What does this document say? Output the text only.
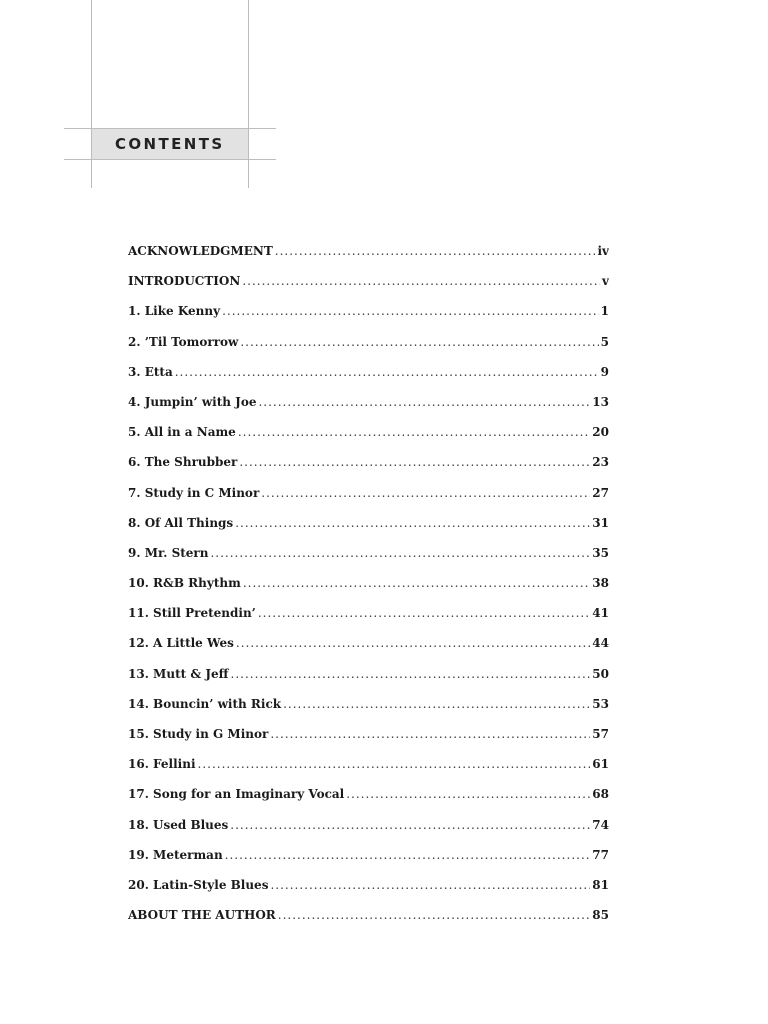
CONTENTS
ACKNOWLEDGMENT .....	iv
INTRODUCTION .....	v
1. Like Kenny .....	1
2. ’Til Tomorrow .....	5
3. Etta .....	9
4. Jumpin’ with Joe .....	13
5. All in a Name .....	20
6. The Shrubber .....	23
7. Study in C Minor .....	27
8. Of All Things .....	31
9. Mr. Stern .....	35
10. R&B Rhythm .....	38
11. Still Pretendin’ .....	41
12. A Little Wes .....	44
13. Mutt & Jeff .....	50
14. Bouncin’ with Rick .....	53
15. Study in G Minor .....	57
16. Fellini .....	61
17. Song for an Imaginary Vocal .....	68
18. Used Blues .....	74
19. Meterman .....	77
20. Latin-Style Blues .....	81
ABOUT THE AUTHOR .....	85
